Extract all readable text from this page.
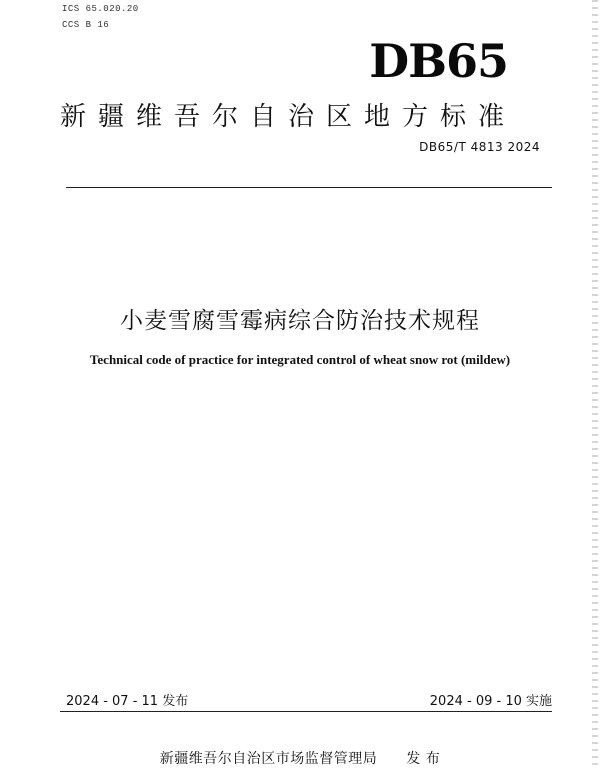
ICS 65.020.20
CCS B 16
DB65
新疆维吾尔自治区地方标准
DB65/T 4813 2024
小麦雪腐雪霉病综合防治技术规程
Technical code of practice for integrated control of wheat snow rot (mildew)
2024 - 07 - 11 发布	2024 - 09 - 10 实施
新疆维吾尔自治区市场监督管理局　　发 布
